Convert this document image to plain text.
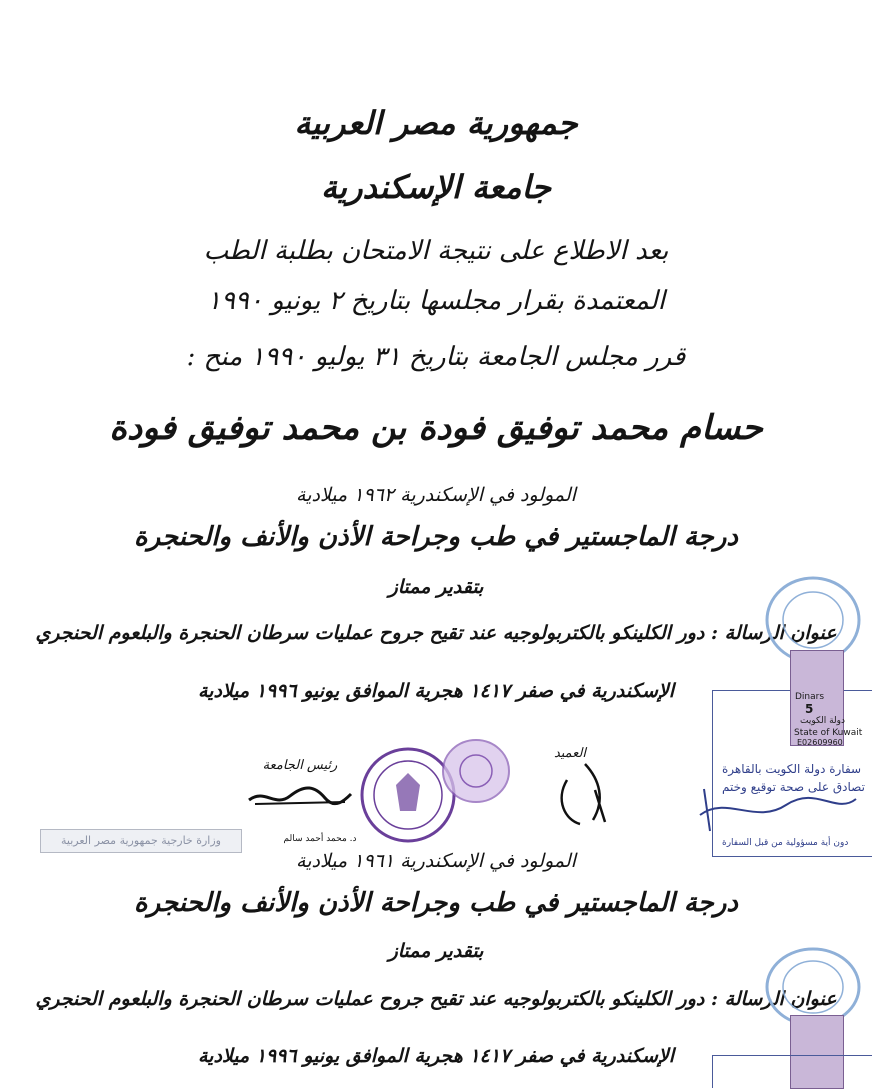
جمهورية مصر العربية
جامعة الإسكندرية
بعد الاطلاع على نتيجة الامتحان بطلبة الطب
المعتمدة بقرار مجلسها بتاريخ ٢ يونيو ١٩٩٠
قرر مجلس الجامعة بتاريخ ٣١ يوليو ١٩٩٠ منح :
حسام محمد توفيق فودة بن محمد توفيق فودة
المولود في الإسكندرية ١٩٦٢ ميلادية
درجة الماجستير في طب وجراحة الأذن والأنف والحنجرة
بتقدير ممتاز
عنوان الرسالة : دور الكلينكو بالكتربولوجيه عند تقيح جروح عمليات سرطان الحنجرة والبلعوم الحنجري
الإسكندرية في صفر ١٤١٧ هجرية الموافق يونيو ١٩٩٦ ميلادية
رئيس الجامعة
العميد
د. محمد أحمد سالم
وزارة خارجية جمهورية مصر العربية
Dinars
5
دولة الكويت
State of Kuwait
E02609960
سفارة دولة الكويت بالقاهرة
تصادق على صحة توقيع وختم
دون أية مسؤولية من قبل السفارة
المولود في الإسكندرية ١٩٦١ ميلادية
درجة الماجستير في طب وجراحة الأذن والأنف والحنجرة
بتقدير ممتاز
عنوان الرسالة : دور الكلينكو بالكتربولوجيه عند تقيح جروح عمليات سرطان الحنجرة والبلعوم الحنجري
الإسكندرية في صفر ١٤١٧ هجرية الموافق يونيو ١٩٩٦ ميلادية
